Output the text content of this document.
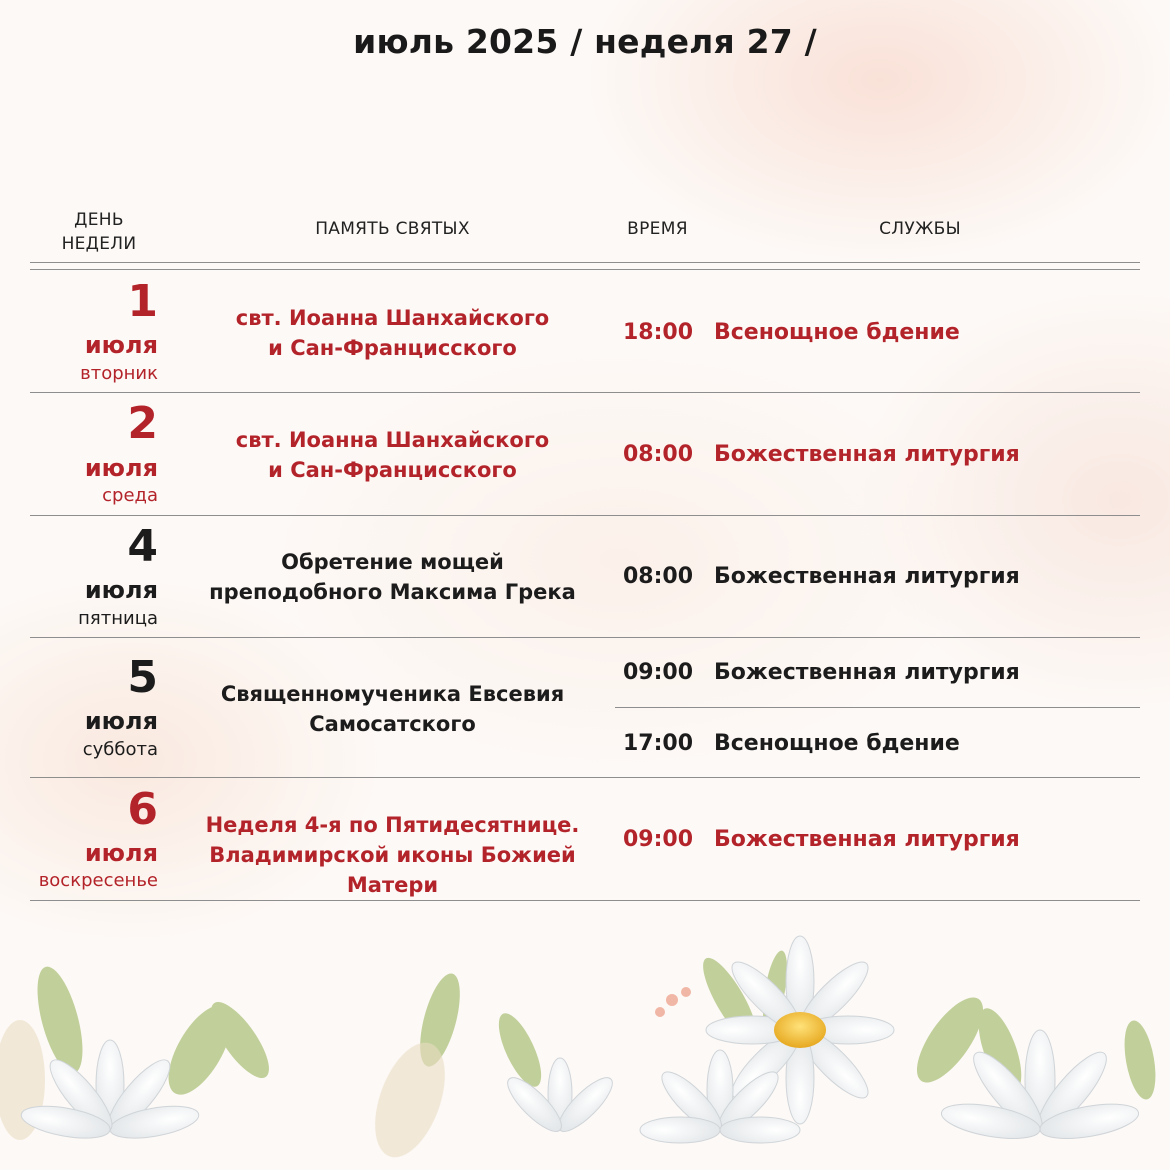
июль 2025 / неделя 27 /
ДЕНЬ НЕДЕЛИ
ПАМЯТЬ СВЯТЫХ	ВРЕМЯ	СЛУЖБЫ
1
июля
вторник
свт. Иоанна Шанхайского
и Сан-Францисского
18:00 Всенощное бдение
2
июля
среда
свт. Иоанна Шанхайского
и Сан-Францисского
08:00 Божественная литургия
4
июля
пятница
Обретение мощей
преподобного Максима Грека
08:00 Божественная литургия
5
июля
суббота
Священномученика Евсевия
Самосатского
09:00 Божественная литургия
17:00 Всенощное бдение
6
июля
воскресенье
Неделя 4-я по Пятидесятнице.
Владимирской иконы Божией Матери
09:00 Божественная литургия
